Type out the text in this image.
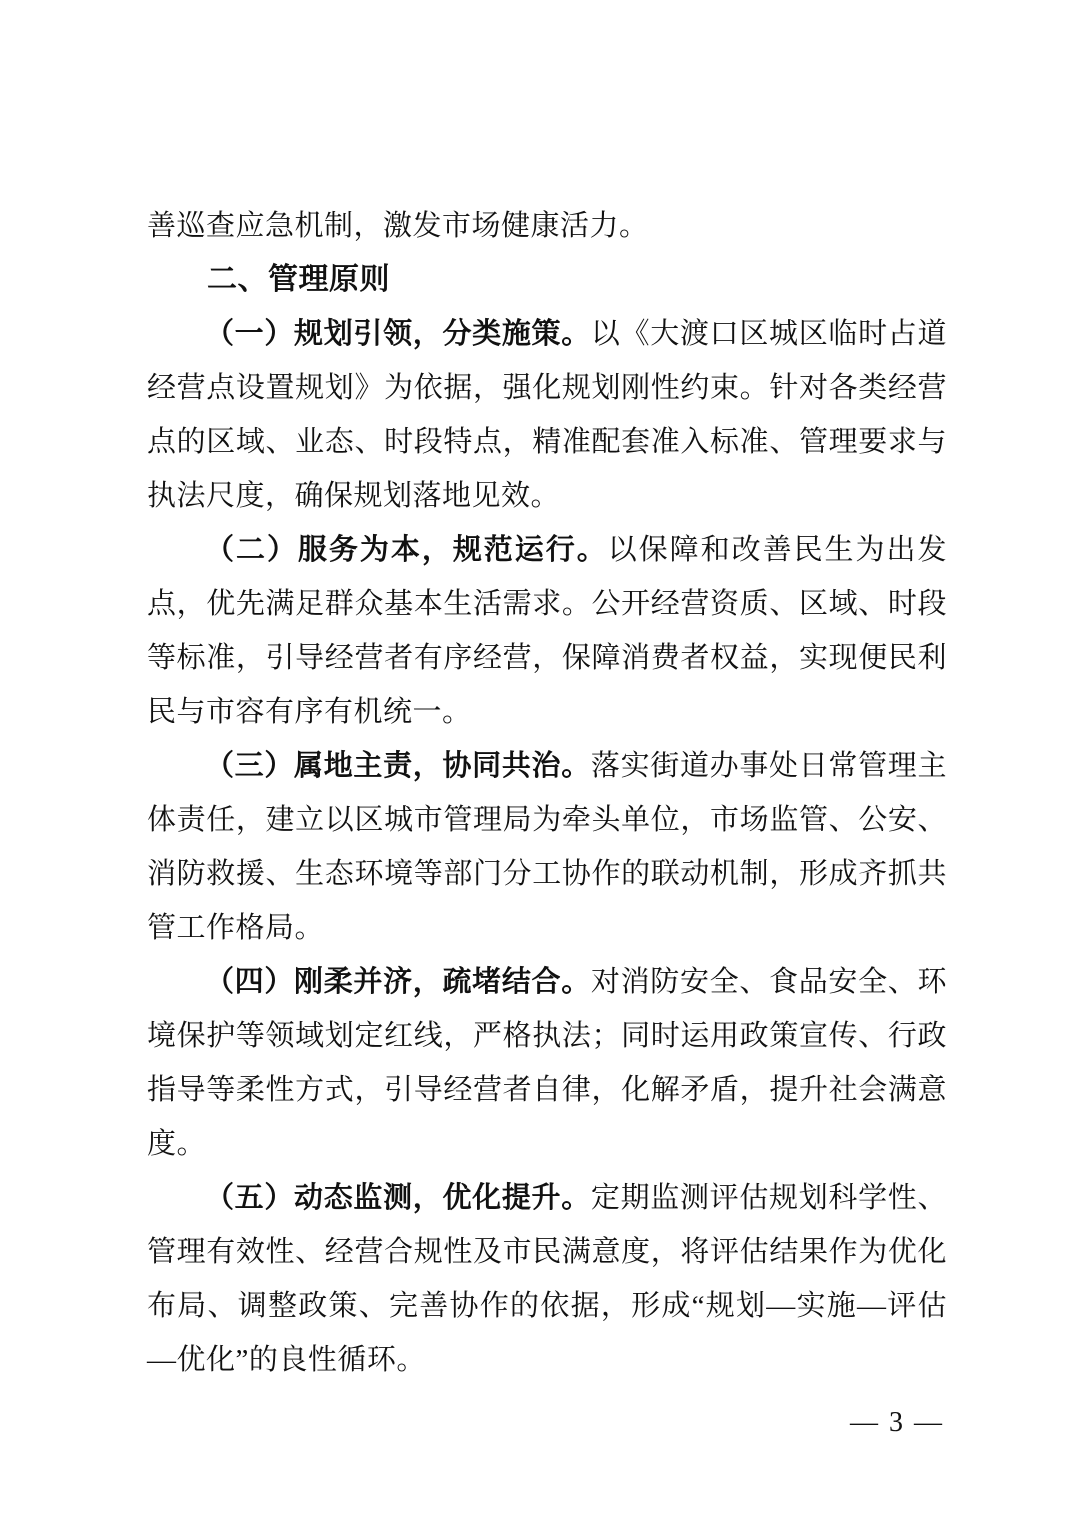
善巡查应急机制，激发市场健康活力。

二、管理原则

（一）规划引领，分类施策。以《大渡口区城区临时占道经营点设置规划》为依据，强化规划刚性约束。针对各类经营点的区域、业态、时段特点，精准配套准入标准、管理要求与执法尺度，确保规划落地见效。

（二）服务为本，规范运行。以保障和改善民生为出发点，优先满足群众基本生活需求。公开经营资质、区域、时段等标准，引导经营者有序经营，保障消费者权益，实现便民利民与市容有序有机统一。

（三）属地主责，协同共治。落实街道办事处日常管理主体责任，建立以区城市管理局为牵头单位，市场监管、公安、消防救援、生态环境等部门分工协作的联动机制，形成齐抓共管工作格局。

（四）刚柔并济，疏堵结合。对消防安全、食品安全、环境保护等领域划定红线，严格执法；同时运用政策宣传、行政指导等柔性方式，引导经营者自律，化解矛盾，提升社会满意度。

（五）动态监测，优化提升。定期监测评估规划科学性、管理有效性、经营合规性及市民满意度，将评估结果作为优化布局、调整政策、完善协作的依据，形成“规划—实施—评估—优化”的良性循环。

— 3 —
